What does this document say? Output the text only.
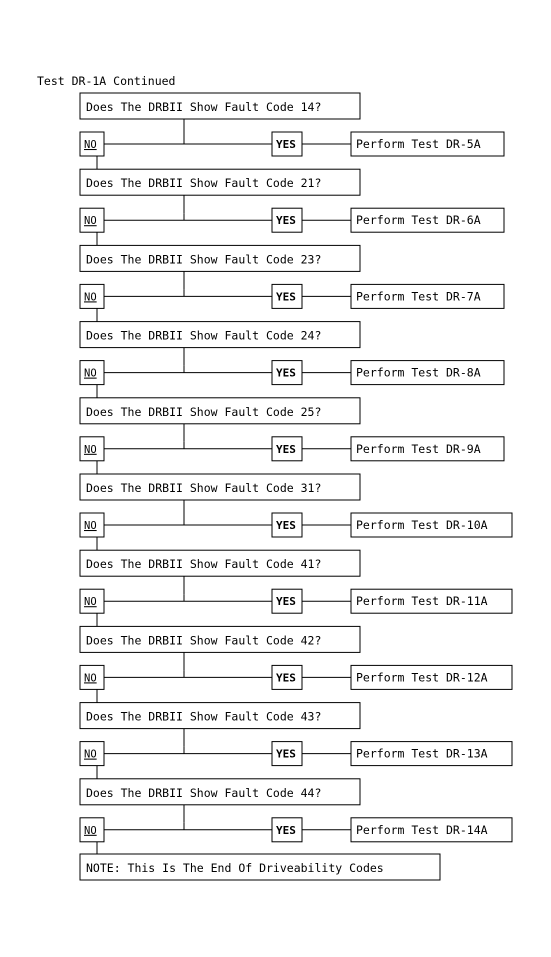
Test DR-1A Continued
Does The DRBII Show Fault Code 14?
NO	YES	Perform Test DR-5A
Does The DRBII Show Fault Code 21?
NO	YES	Perform Test DR-6A
Does The DRBII Show Fault Code 23?
NO	YES	Perform Test DR-7A
Does The DRBII Show Fault Code 24?
NO	YES	Perform Test DR-8A
Does The DRBII Show Fault Code 25?
NO	YES	Perform Test DR-9A
Does The DRBII Show Fault Code 31?
NO	YES	Perform Test DR-10A
Does The DRBII Show Fault Code 41?
NO	YES	Perform Test DR-11A
Does The DRBII Show Fault Code 42?
NO	YES	Perform Test DR-12A
Does The DRBII Show Fault Code 43?
NO	YES	Perform Test DR-13A
Does The DRBII Show Fault Code 44?
NO	YES	Perform Test DR-14A
NOTE: This Is The End Of Driveability Codes
